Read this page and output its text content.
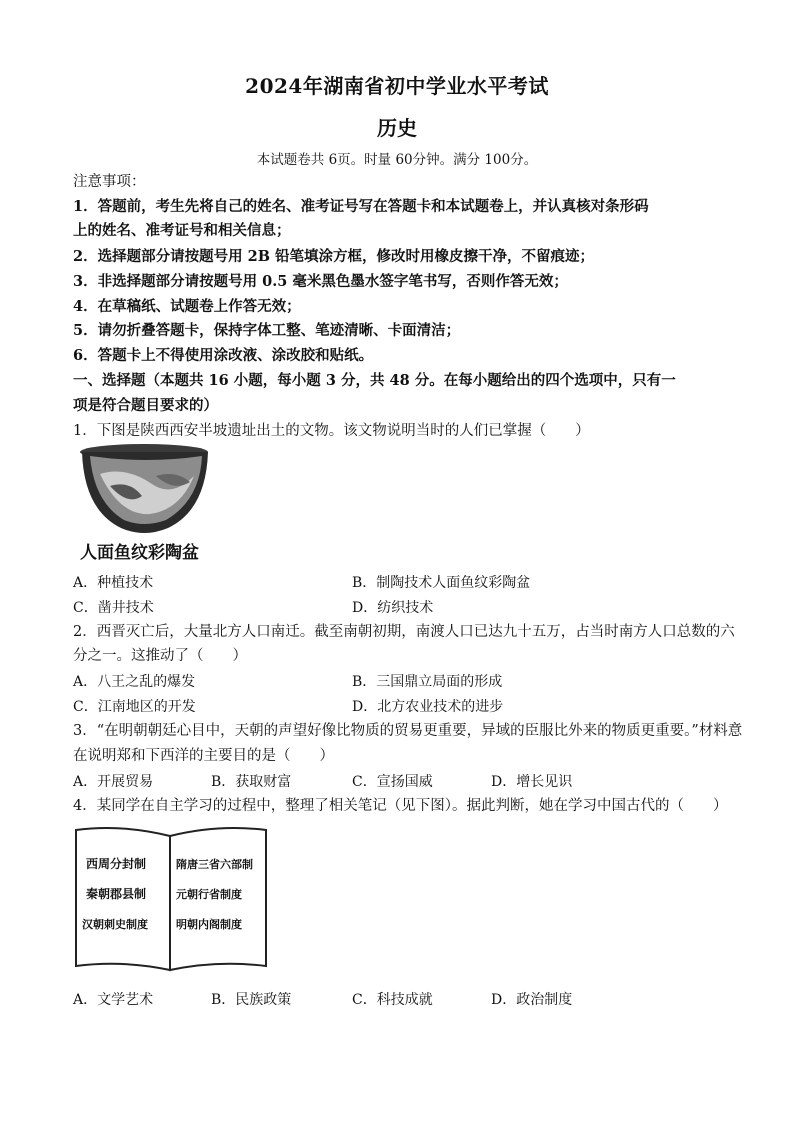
2024年湖南省初中学业水平考试
历史
本试题卷共 6页。时量 60分钟。满分 100分。
注意事项：
1．答题前，考生先将自己的姓名、准考证号写在答题卡和本试题卷上，并认真核对条形码
上的姓名、准考证号和相关信息；
2．选择题部分请按题号用 2B 铅笔填涂方框，修改时用橡皮擦干净，不留痕迹；
3．非选择题部分请按题号用 0.5 毫米黑色墨水签字笔书写，否则作答无效；
4．在草稿纸、试题卷上作答无效；
5．请勿折叠答题卡，保持字体工整、笔迹清晰、卡面清洁；
6．答题卡上不得使用涂改液、涂改胶和贴纸。
一、选择题（本题共 16 小题，每小题 3 分，共 48 分。在每小题给出的四个选项中，只有一
项是符合题目要求的）
1．下图是陕西西安半坡遗址出土的文物。该文物说明当时的人们已掌握（　　）
人面鱼纹彩陶盆
A．种植技术	B．制陶技术人面鱼纹彩陶盆
C．凿井技术	D．纺织技术
2．西晋灭亡后，大量北方人口南迁。截至南朝初期，南渡人口已达九十五万，占当时南方人口总数的六
分之一。这推动了（　　）
A．八王之乱的爆发	B．三国鼎立局面的形成
C．江南地区的开发	D．北方农业技术的进步
3．“在明朝朝廷心目中，天朝的声望好像比物质的贸易更重要，异域的臣服比外来的物质更重要。”材料意
在说明郑和下西洋的主要目的是（　　）
A．开展贸易	B．获取财富	C．宣扬国威	D．增长见识
4．某同学在自主学习的过程中，整理了相关笔记（见下图）。据此判断，她在学习中国古代的（　　）
西周分封制
秦朝郡县制
汉朝刺史制度
隋唐三省六部制
元朝行省制度
明朝内阁制度
A．文学艺术	B．民族政策	C．科技成就	D．政治制度
